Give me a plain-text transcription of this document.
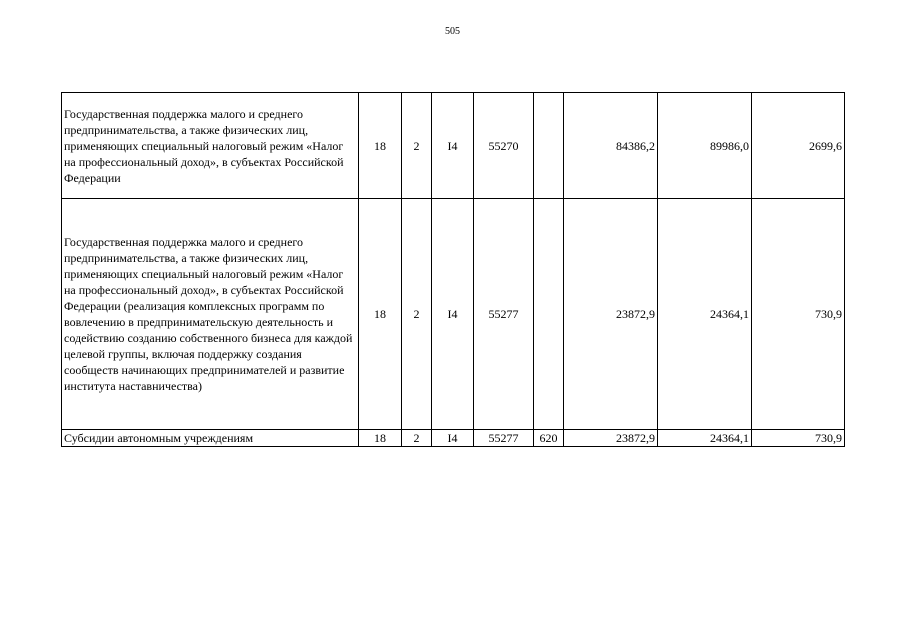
505
Государственная поддержка малого и среднего предпринимательства, а также физических лиц, применяющих специальный налоговый режим «Налог на профессиональный доход», в субъектах Российской Федерации	18	2	I4	55270		84386,2	89986,0	2699,6
Государственная поддержка малого и среднего предпринимательства, а также физических лиц, применяющих специальный налоговый режим «Налог на профессиональный доход», в субъектах Российской Федерации (реализация комплексных программ по вовлечению в предпринимательскую деятельность и содействию созданию собственного бизнеса для каждой целевой группы, включая поддержку создания сообществ начинающих предпринимателей и развитие института наставничества)	18	2	I4	55277		23872,9	24364,1	730,9
Субсидии автономным учреждениям	18	2	I4	55277	620	23872,9	24364,1	730,9
